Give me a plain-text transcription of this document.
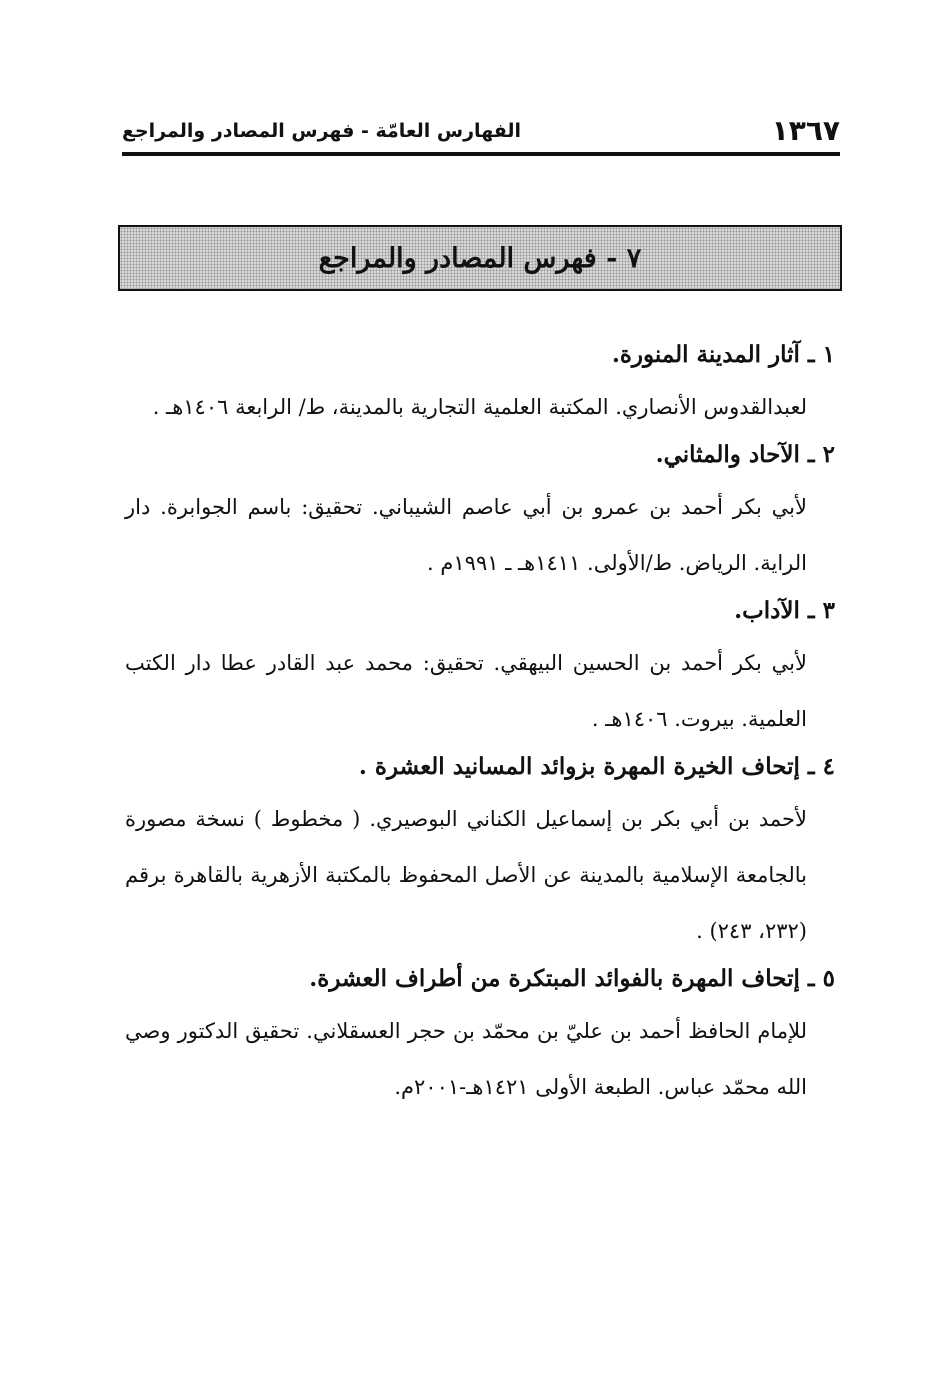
١٣٦٧
الفهارس العامّة - فهرس المصادر والمراجع
٧ - فهرس المصادر والمراجع

١ ـ آثار المدينة المنورة.

لعبدالقدوس الأنصاري. المكتبة العلمية التجارية بالمدينة، ط/ الرابعة ١٤٠٦هـ .

٢ ـ الآحاد والمثاني.

لأبي بكر أحمد بن عمرو بن أبي عاصم الشيباني. تحقيق: باسم الجوابرة. دار الراية. الرياض. ط/الأولى. ١٤١١هـ ـ ١٩٩١م .

٣ ـ الآداب.

لأبي بكر أحمد بن الحسين البيهقي. تحقيق: محمد عبد القادر عطا دار الكتب العلمية. بيروت. ١٤٠٦هـ .

٤ ـ إتحاف الخيرة المهرة بزوائد المسانيد العشرة .

لأحمد بن أبي بكر بن إسماعيل الكناني البوصيري. ( مخطوط ) نسخة مصورة بالجامعة الإسلامية بالمدينة عن الأصل المحفوظ بالمكتبة الأزهرية بالقاهرة برقم (٢٣٢، ٢٤٣) .

٥ ـ إتحاف المهرة بالفوائد المبتكرة من أطراف العشرة.

للإمام الحافظ أحمد بن عليّ بن محمّد بن حجر العسقلاني. تحقيق الدكتور وصي الله محمّد عباس. الطبعة الأولى ١٤٢١هـ-٢٠٠١م.
